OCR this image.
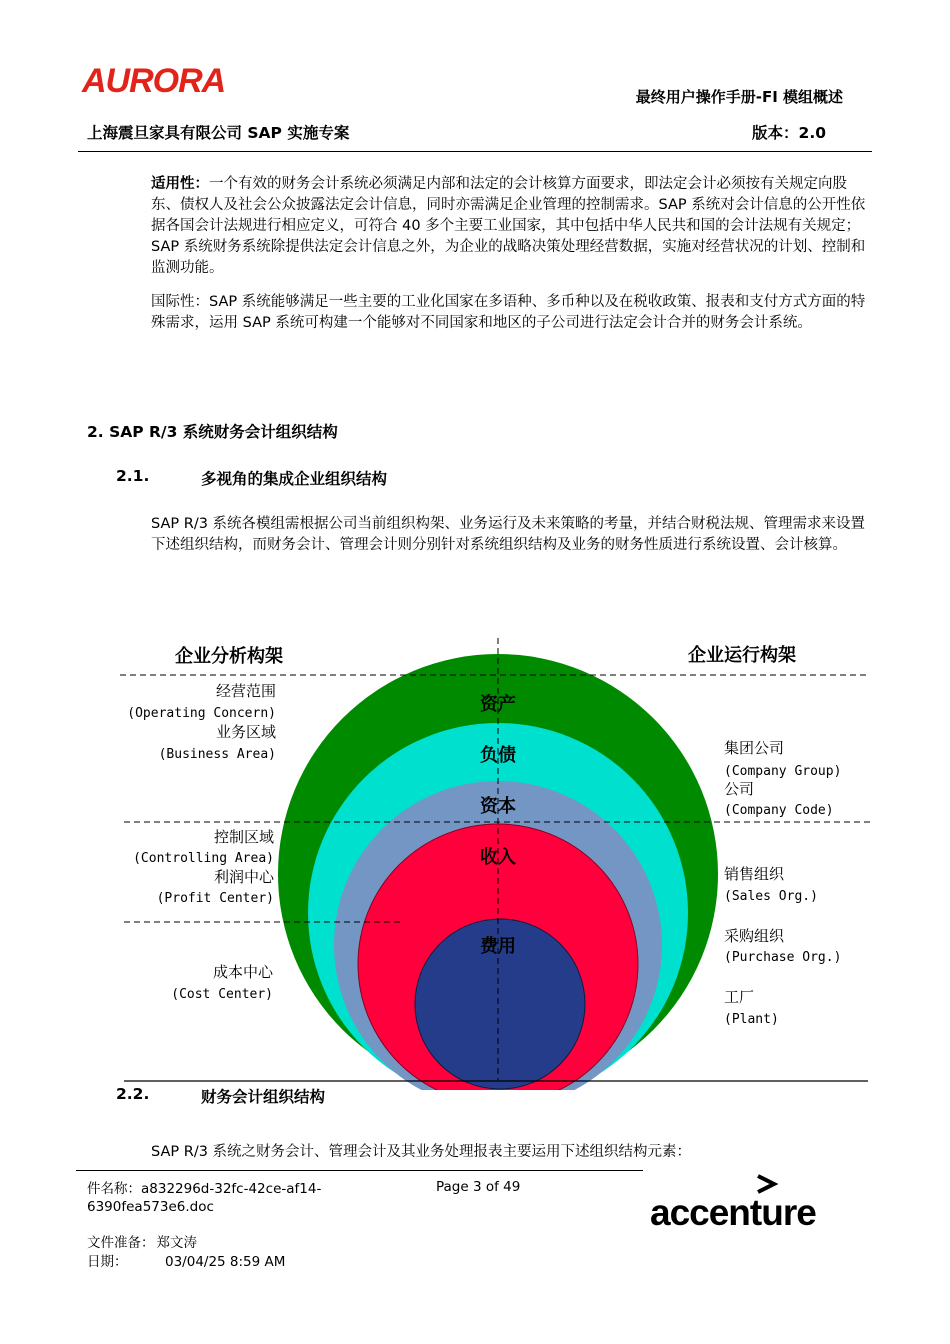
AURORA	最终用户操作手册-FI 模组概述
上海震旦家具有限公司 SAP 实施专案	版本：2.0
适用性：一个有效的财务会计系统必须满足内部和法定的会计核算方面要求，即法定会计必须按有关规定向股东、债权人及社会公众披露法定会计信息，同时亦需满足企业管理的控制需求。SAP 系统对会计信息的公开性依据各国会计法规进行相应定义，可符合 40 多个主要工业国家，其中包括中华人民共和国的会计法规有关规定；　SAP 系统财务系统除提供法定会计信息之外，为企业的战略决策处理经营数据，实施对经营状况的计划、控制和监测功能。
国际性：SAP 系统能够满足一些主要的工业化国家在多语种、多币种以及在税收政策、报表和支付方式方面的特殊需求，运用 SAP 系统可构建一个能够对不同国家和地区的子公司进行法定会计合并的财务会计系统。
2. SAP R/3 系统财务会计组织结构
2.1.	多视角的集成企业组织结构
SAP R/3 系统各模组需根据公司当前组织构架、业务运行及未来策略的考量，并结合财税法规、管理需求来设置下述组织结构，而财务会计、管理会计则分别针对系统组织结构及业务的财务性质进行系统设置、会计核算。
企业分析构架	企业运行构架
资产
负债
资本
收入
费用
经营范围
(Operating Concern)
业务区域
(Business Area)
控制区域
(Controlling Area)
利润中心
(Profit Center)
成本中心
(Cost Center)
集团公司
(Company Group)
公司
(Company Code)
销售组织
(Sales Org.)
采购组织
(Purchase Org.)
工厂
(Plant)
2.2.	财务会计组织结构
SAP R/3 系统之财务会计、管理会计及其业务处理报表主要运用下述组织结构元素：
件名称：a832296d-32fc-42ce-af14-
6390fea573e6.doc
Page 3 of 49
文件准备： 郑文涛
日期：	03/04/25 8:59 AM
accenture
